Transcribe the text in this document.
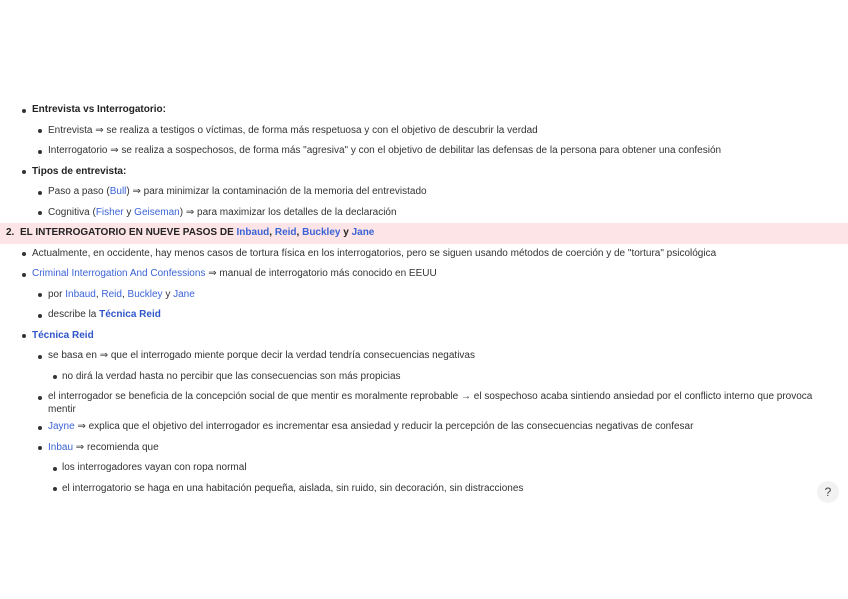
Entrevista vs Interrogatorio:
Entrevista ⇒ se realiza a testigos o víctimas, de forma más respetuosa y con el objetivo de descubrir la verdad
Interrogatorio ⇒ se realiza a sospechosos, de forma más "agresiva" y con el objetivo de debilitar las defensas de la persona para obtener una confesión
Tipos de entrevista:
Paso a paso (Bull) ⇒ para minimizar la contaminación de la memoria del entrevistado
Cognitiva (Fisher y Geiseman) ⇒ para maximizar los detalles de la declaración
2. EL INTERROGATORIO EN NUEVE PASOS DE Inbaud, Reid, Buckley y Jane
Actualmente, en occidente, hay menos casos de tortura física en los interrogatorios, pero se siguen usando métodos de coerción y de "tortura" psicológica
Criminal Interrogation And Confessions ⇒ manual de interrogatorio más conocido en EEUU
por Inbaud, Reid, Buckley y Jane
describe la Técnica Reid
Técnica Reid
se basa en ⇒ que el interrogado miente porque decir la verdad tendría consecuencias negativas
no dirá la verdad hasta no percibir que las consecuencias son más propicias
el interrogador se beneficia de la concepción social de que mentir es moralmente reprobable → el sospechoso acaba sintiendo ansiedad por el conflicto interno que provoca mentir
Jayne ⇒ explica que el objetivo del interrogador es incrementar esa ansiedad y reducir la percepción de las consecuencias negativas de confesar
Inbau ⇒ recomienda que
los interrogadores vayan con ropa normal
el interrogatorio se haga en una habitación pequeña, aislada, sin ruido, sin decoración, sin distracciones	?
